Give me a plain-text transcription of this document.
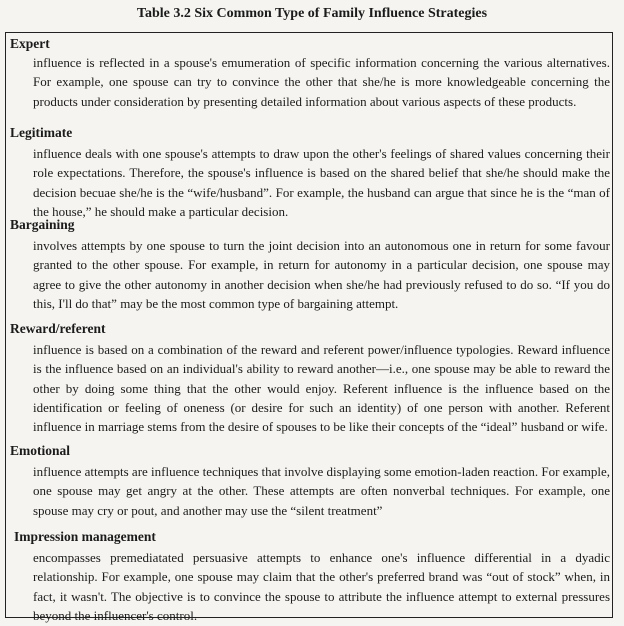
Table 3.2 Six Common Type of Family Influence Strategies
Expert
influence is reflected in a spouse's emumeration of specific information concerning the various alternatives. For example, one spouse can try to convince the other that she/he is more knowledgeable concerning the products under consideration by presenting detailed information about various aspects of these products.
Legitimate
influence deals with one spouse's attempts to draw upon the other's feelings of shared values concerning their role expectations. Therefore, the spouse's influence is based on the shared belief that she/he should make the decision becuae she/he is the “wife/husband”. For example, the husband can argue that since he is the “man of the house,” he should make a particular decision.
Bargaining
involves attempts by one spouse to turn the joint decision into an autonomous one in return for some favour granted to the other spouse. For example, in return for autonomy in a particular decision, one spouse may agree to give the other autonomy in another decision when she/he had previously refused to do so. “If you do this, I'll do that” may be the most common type of bargaining attempt.
Reward/referent
influence is based on a combination of the reward and referent power/influence typologies. Reward influence is the influence based on an individual's ability to reward another—i.e., one spouse may be able to reward the other by doing some thing that the other would enjoy. Referent influence is the influence based on the identification or feeling of oneness (or desire for such an identity) of one person with another. Referent influence in marriage stems from the desire of spouses to be like their concepts of the “ideal” husband or wife.
Emotional
influence attempts are influence techniques that involve displaying some emotion-laden reaction. For example, one spouse may get angry at the other. These attempts are often nonverbal techniques. For example, one spouse may cry or pout, and another may use the “silent treatment”
Impression management
encompasses premediatated persuasive attempts to enhance one's influence differential in a dyadic relationship. For example, one spouse may claim that the other's preferred brand was “out of stock” when, in fact, it wasn't. The objective is to convince the spouse to attribute the influence attempt to external pressures beyond the influencer's control.
